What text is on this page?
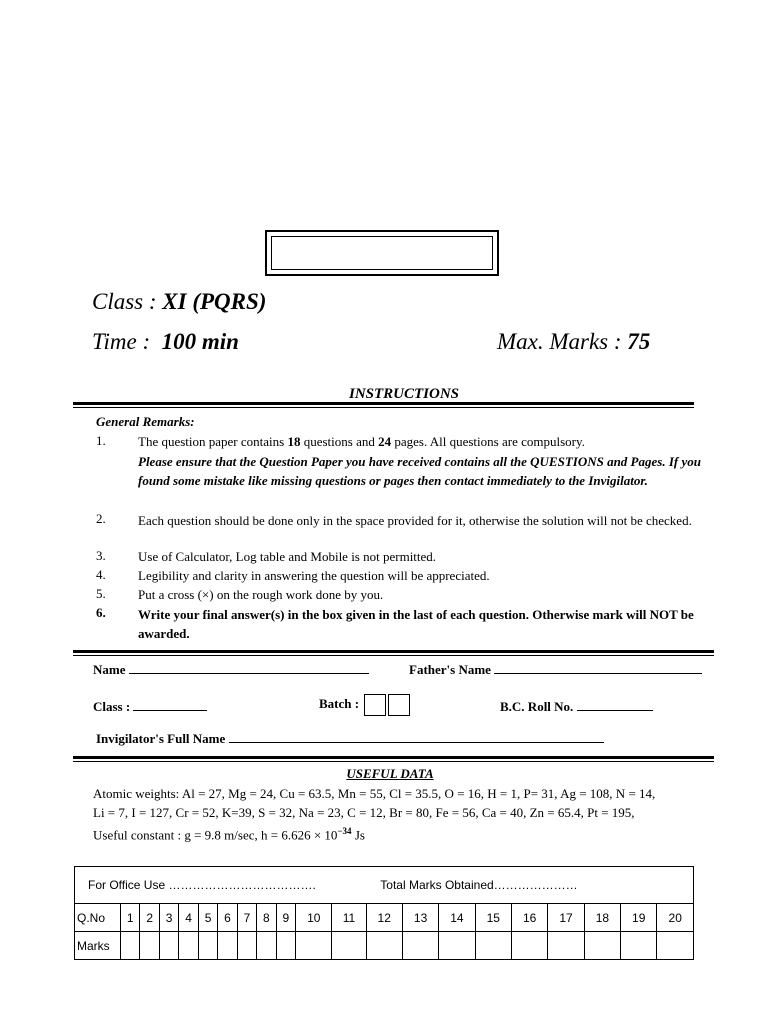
Class : XI (PQRS)
Time : 100 min	Max. Marks : 75
INSTRUCTIONS
General Remarks:
1. The question paper contains 18 questions and 24 pages. All questions are compulsory.
Please ensure that the Question Paper you have received contains all the QUESTIONS and Pages. If you found some mistake like missing questions or pages then contact immediately to the Invigilator.
2. Each question should be done only in the space provided for it, otherwise the solution will not be checked.
3. Use of Calculator, Log table and Mobile is not permitted.
4. Legibility and clarity in answering the question will be appreciated.
5. Put a cross (×) on the rough work done by you.
6. Write your final answer(s) in the box given in the last of each question. Otherwise mark will NOT be awarded.
Name	Father's Name
Class :	Batch :	B.C. Roll No.
Invigilator's Full Name
USEFUL DATA
Atomic weights: Al = 27, Mg = 24, Cu = 63.5, Mn = 55, Cl = 35.5, O = 16, H = 1, P= 31, Ag = 108, N = 14,
Li = 7, I = 127, Cr = 52, K=39, S = 32, Na = 23, C = 12, Br = 80, Fe = 56, Ca = 40, Zn = 65.4, Pt = 195,
Useful constant : g = 9.8 m/sec, $h = 6.626 \times 10^{-34}$ Js
For Office Use ………………………………. Total Marks Obtained…………………																				
Q.No	1	2	3	4	5	6	7	8	9	10	11	12	13	14	15	16	17	18	19	20
Marks																				
